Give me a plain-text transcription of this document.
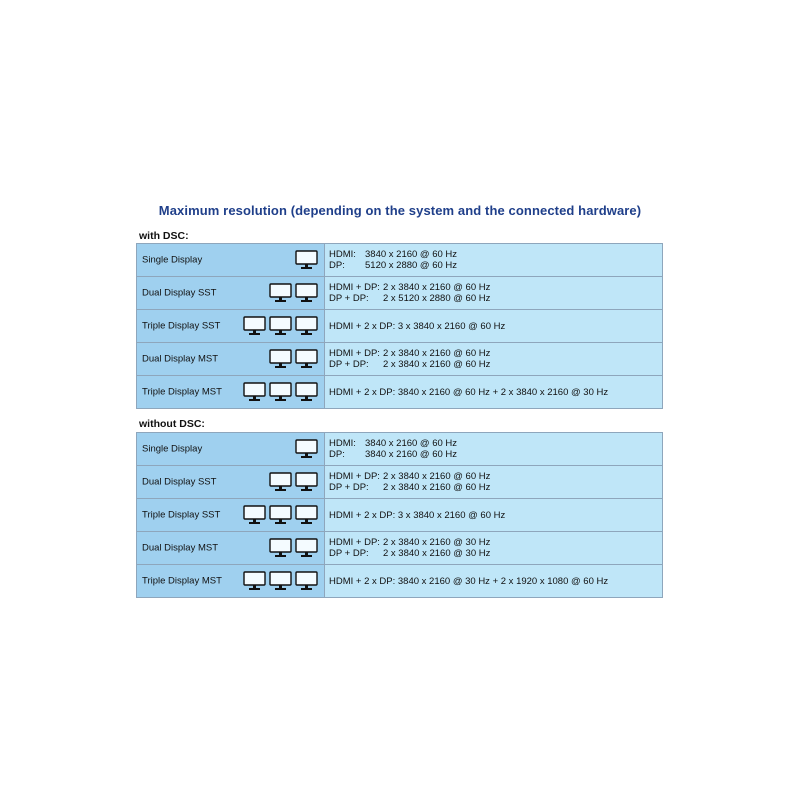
Maximum resolution (depending on the system and the connected hardware)
with DSC:
Single Display	HDMI: 3840 x 2160 @ 60 Hz
DP: 5120 x 2880 @ 60 Hz

Dual Display SST	HDMI + DP: 2 x 3840 x 2160 @ 60 Hz
DP + DP: 2 x 5120 x 2880 @ 60 Hz

Triple Display SST	HDMI + 2 x DP: 3 x 3840 x 2160 @ 60 Hz

Dual Display MST	HDMI + DP: 2 x 3840 x 2160 @ 60 Hz
DP + DP: 2 x 3840 x 2160 @ 60 Hz

Triple Display MST	HDMI + 2 x DP: 3840 x 2160 @ 60 Hz + 2 x 3840 x 2160 @ 30 Hz
without DSC:
Single Display	HDMI: 3840 x 2160 @ 60 Hz
DP: 3840 x 2160 @ 60 Hz

Dual Display SST	HDMI + DP: 2 x 3840 x 2160 @ 60 Hz
DP + DP: 2 x 3840 x 2160 @ 60 Hz

Triple Display SST	HDMI + 2 x DP: 3 x 3840 x 2160 @ 60 Hz

Dual Display MST	HDMI + DP: 2 x 3840 x 2160 @ 30 Hz
DP + DP: 2 x 3840 x 2160 @ 30 Hz

Triple Display MST	HDMI + 2 x DP: 3840 x 2160 @ 30 Hz + 2 x 1920 x 1080 @ 60 Hz
